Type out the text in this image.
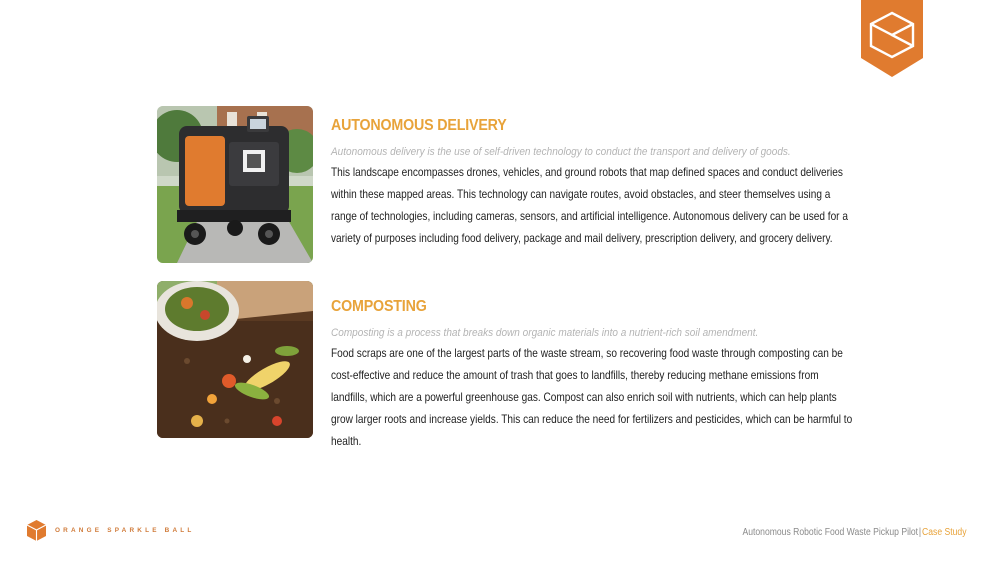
AUTONOMOUS DELIVERY
Autonomous delivery is the use of self-driven technology to conduct the transport and delivery of goods.
This landscape encompasses drones, vehicles, and ground robots that map defined spaces and conduct deliveries within these mapped areas. This technology can navigate routes, avoid obstacles, and steer themselves using a range of technologies, including cameras, sensors, and artificial intelligence. Autonomous delivery can be used for a variety of purposes including food delivery, package and mail delivery, prescription delivery, and grocery delivery.
COMPOSTING
Composting is a process that breaks down organic materials into a nutrient-rich soil amendment.
Food scraps are one of the largest parts of the waste stream, so recovering food waste through composting can be cost-effective and reduce the amount of trash that goes to landfills, thereby reducing methane emissions from landfills, which are a powerful greenhouse gas. Compost can also enrich soil with nutrients, which can help plants grow larger roots and increase yields. This can reduce the need for fertilizers and pesticides, which can be harmful to health.
ORANGE SPARKLE BALL	Autonomous Robotic Food Waste Pickup Pilot|Case Study
